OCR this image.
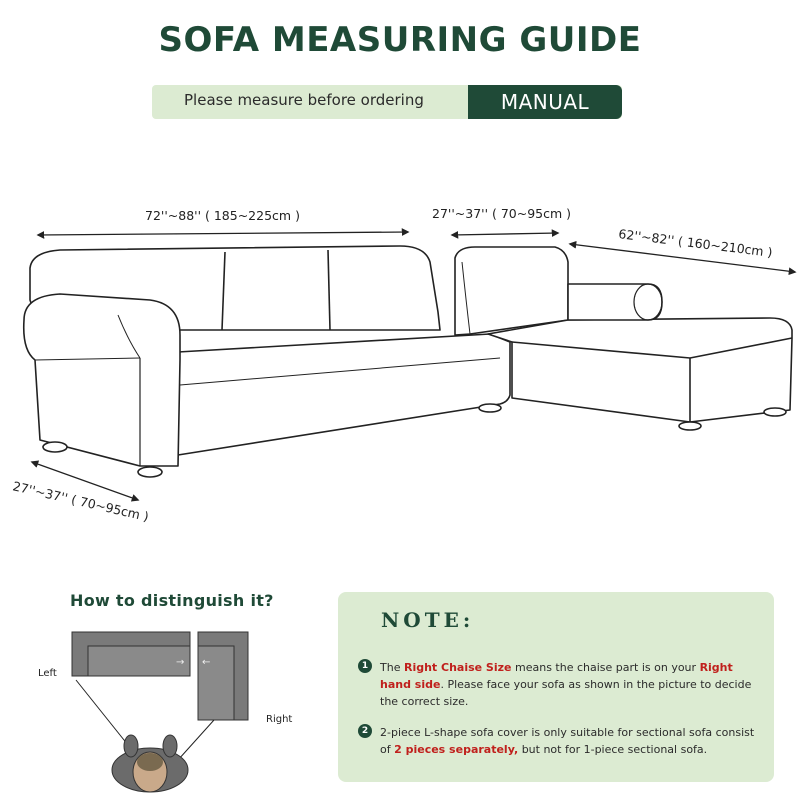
SOFA MEASURING GUIDE
Please measure before ordering	MANUAL
72''~88'' ( 185~225cm )	27''~37'' ( 70~95cm )
62''~82'' ( 160~210cm )
27''~37'' ( 70~95cm )
→ ←
How to distinguish it?
Left
Right
NOTE:
1	The Right Chaise Size means the chaise part is on your Right hand side. Please face your sofa as shown in the picture to decide the correct size.
2	2-piece L-shape sofa cover is only suitable for sectional sofa consist of 2 pieces separately, but not for 1-piece sectional sofa.
